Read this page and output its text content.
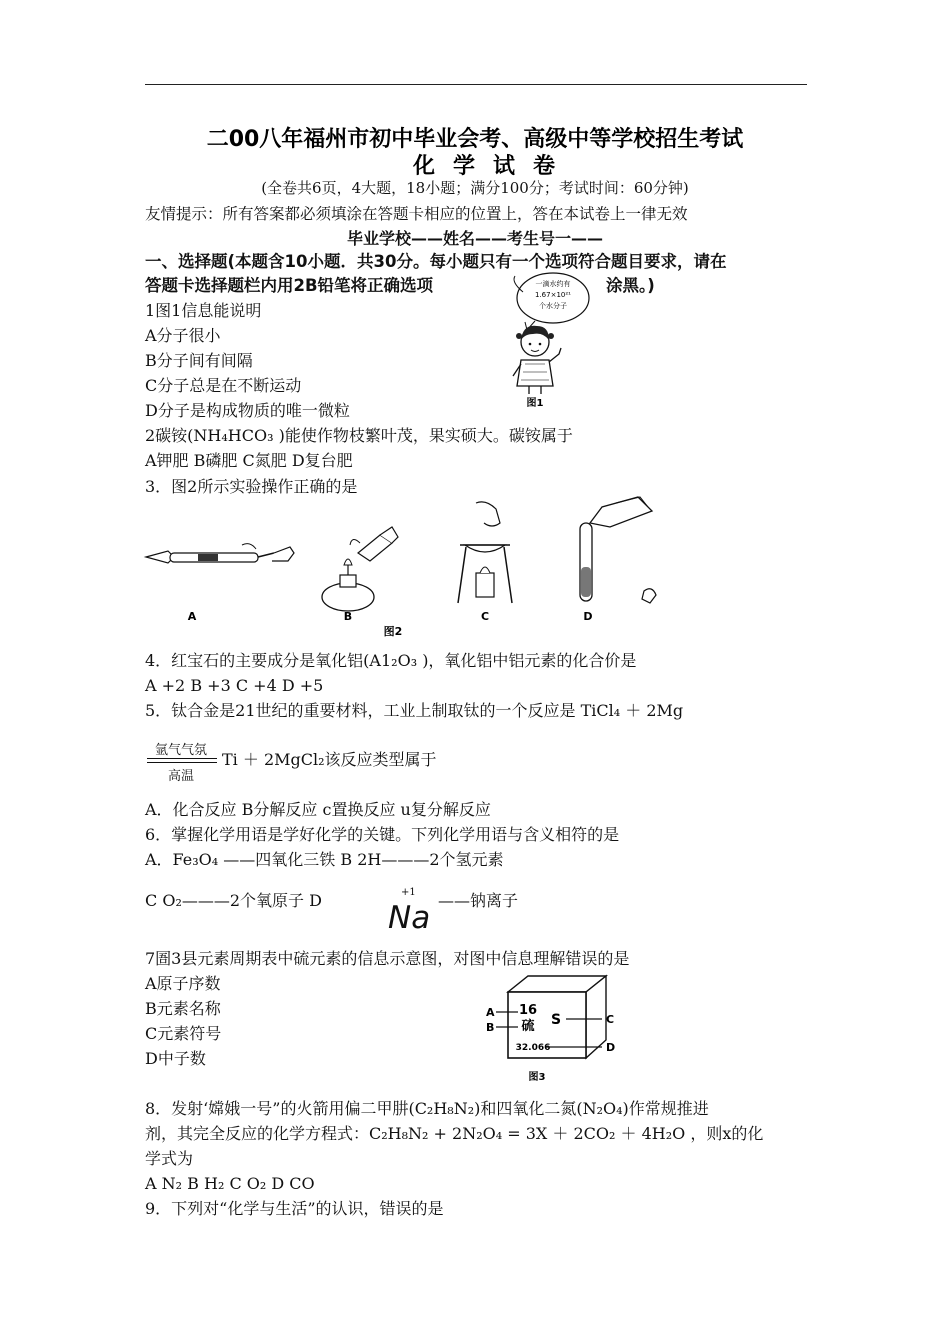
二00八年福州市初中毕业会考、高级中等学校招生考试
化学试卷
(全卷共6页，4大题，18小题；满分100分；考试时间：60分钟)
友情提示：所有答案都必须填涂在答题卡相应的位置上，答在本试卷上一律无效
毕业学校——姓名——考生号一——
一、选择题(本题含10小题．共30分。每小题只有一个选项符合题目要求，请在
答题卡选择题栏内用2B铅笔将正确选项	涂黑。)
1图1信息能说明
A分子很小
B分子间有间隔
C分子总是在不断运动
D分子是构成物质的唯一微粒
一滴水约有
1.67×10²¹
个水分子
图1
2碳铵(NH₄HCO₃ )能使作物枝繁叶茂，果实硕大。碳铵属于
A钾肥 B磷肥 C氮肥 D复台肥
3．图2所示实验操作正确的是
A	B	C	D
图2
4．红宝石的主要成分是氧化铝(A1₂O₃ )，氧化铝中铝元素的化合价是
A +2 B +3 C +4 D +5
5．钛合金是21世纪的重要材料，工业上制取钛的一个反应是 TiCl₄ ＋ 2Mg
氩气气氛
高温
Ti ＋ 2MgCl₂该反应类型属于
A．化合反应 B分解反应 c置换反应 u复分解反应
6．掌握化学用语是学好化学的关键。下列化学用语与含义相符的是
A．Fe₃O₄ ——四氧化三铁 B 2H———2个氢元素
C O₂———2个氧原子 D	+1
Na ——钠离子
7圄3县元素周期表中硫元素的信息示意图，对图中信息理解错误的是
A原子序数
B元素名称
C元素符号
D中子数
16
硫 S
32.066
A
B
C
D
图3
8．发射‘嫦娥一号”的火箭用偏二甲肼(C₂H₈N₂)和四氧化二氮(N₂O₄)作常规推进
剂，其完全反应的化学方程式：C₂H₈N₂ + 2N₂O₄ = 3X ＋ 2CO₂ ＋ 4H₂O ，则x的化
学式为
A N₂ B H₂ C O₂ D CO
9．下列对“化学与生活”的认识，错误的是
